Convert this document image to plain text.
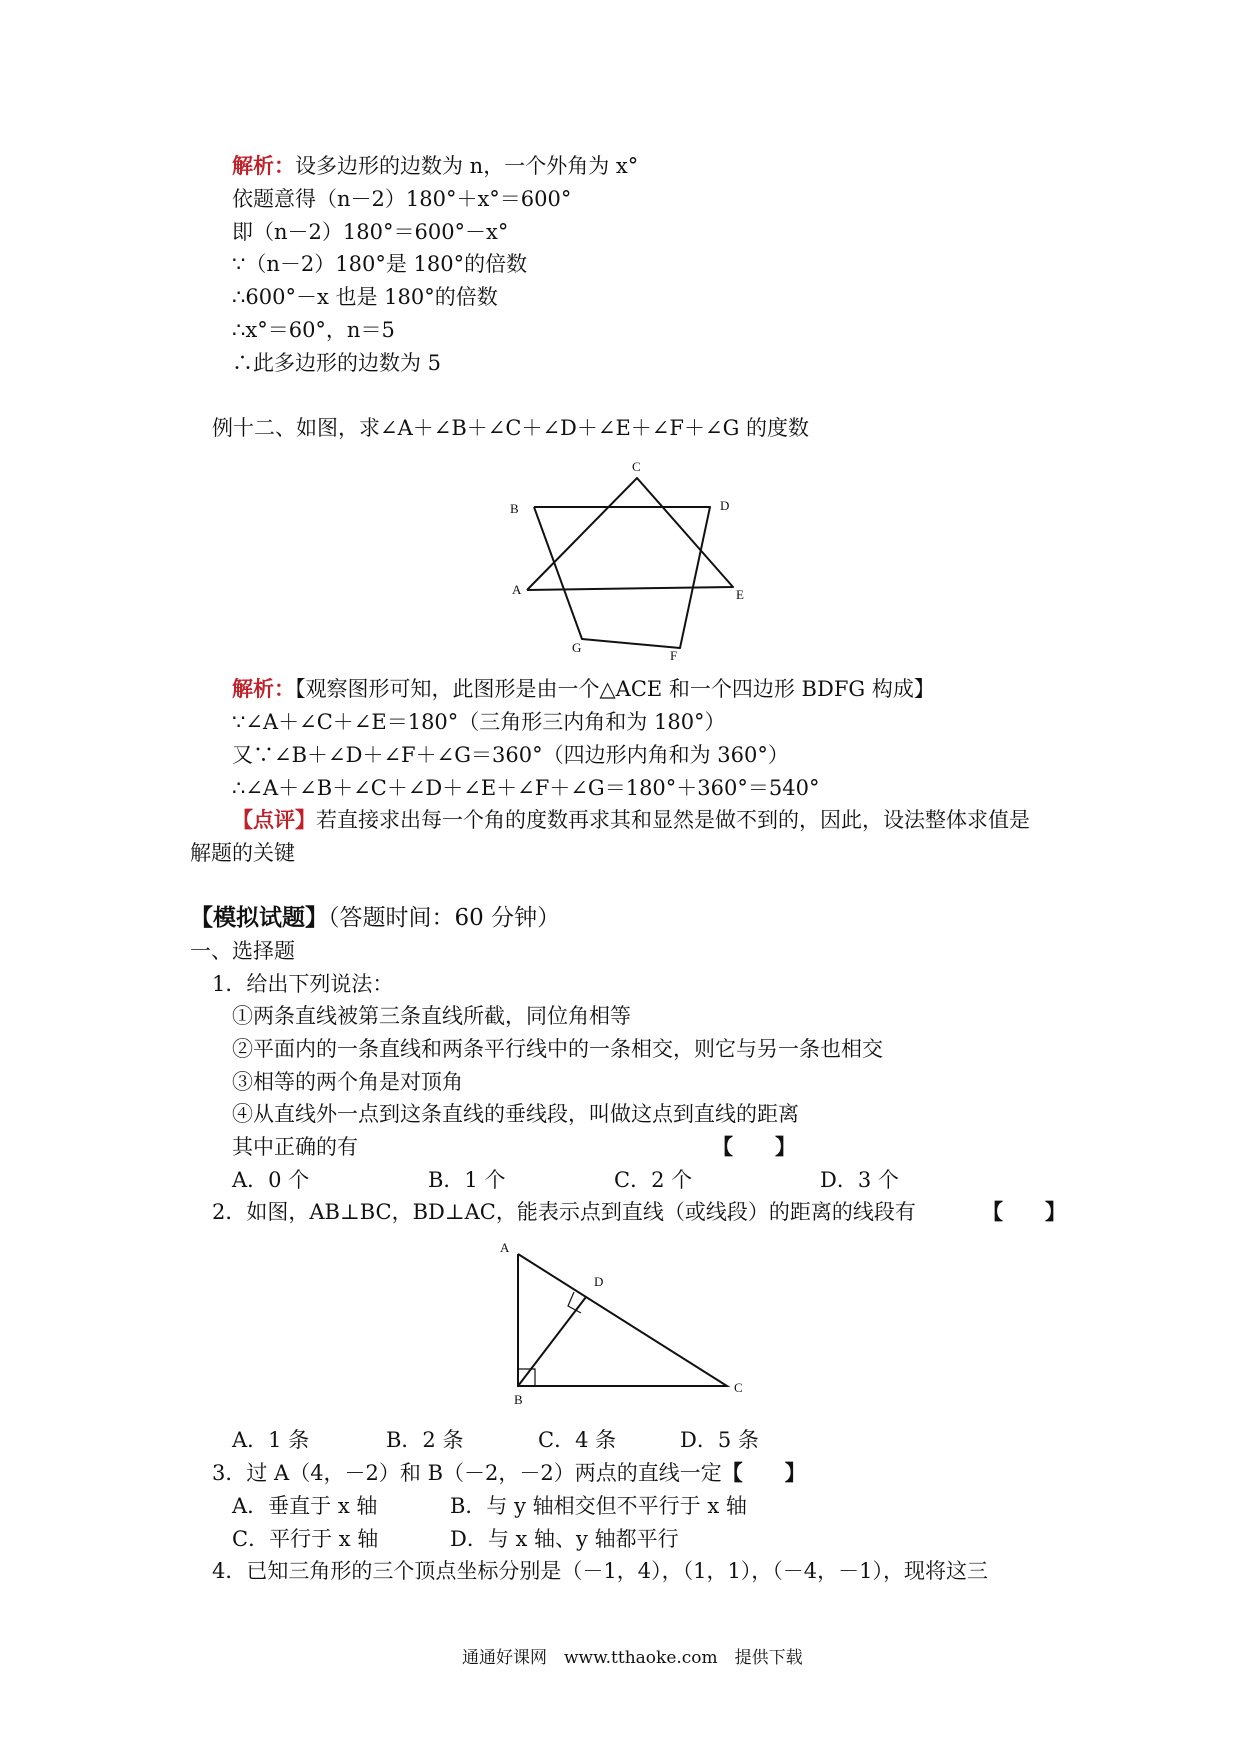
解析：设多边形的边数为 n，一个外角为 x°
依题意得（n－2）180°＋x°＝600°
即（n－2）180°＝600°－x°
∵（n－2）180°是 180°的倍数
∴600°－x 也是 180°的倍数
∴x°＝60°，n＝5
∴此多边形的边数为 5
例十二、如图，求∠A＋∠B＋∠C＋∠D＋∠E＋∠F＋∠G 的度数
C
B	D
A	E
G
F
解析：【观察图形可知，此图形是由一个△ACE 和一个四边形 BDFG 构成】
∵∠A＋∠C＋∠E＝180°（三角形三内角和为 180°）
又∵∠B＋∠D＋∠F＋∠G＝360°（四边形内角和为 360°）
∴∠A＋∠B＋∠C＋∠D＋∠E＋∠F＋∠G＝180°＋360°＝540°
【点评】若直接求出每一个角的度数再求其和显然是做不到的，因此，设法整体求值是
解题的关键
【模拟试题】（答题时间：60 分钟）
一、选择题
1．给出下列说法：
①两条直线被第三条直线所截，同位角相等
②平面内的一条直线和两条平行线中的一条相交，则它与另一条也相交
③相等的两个角是对顶角
④从直线外一点到这条直线的垂线段，叫做这点到直线的距离
其中正确的有	【　　】
A．0 个	B．1 个	C．2 个	D．3 个
2．如图，AB⊥BC，BD⊥AC，能表示点到直线（或线段）的距离的线段有	【　　】
A
D
B
C
A．1 条	B．2 条	C．4 条	D．5 条
3．过 A（4，－2）和 B（－2，－2）两点的直线一定【　　】
A．垂直于 x 轴	B．与 y 轴相交但不平行于 x 轴
C．平行于 x 轴	D．与 x 轴、y 轴都平行
4．已知三角形的三个顶点坐标分别是（－1，4），（1，1），（－4，－1），现将这三
通通好课网　www.tthaoke.com　提供下载
